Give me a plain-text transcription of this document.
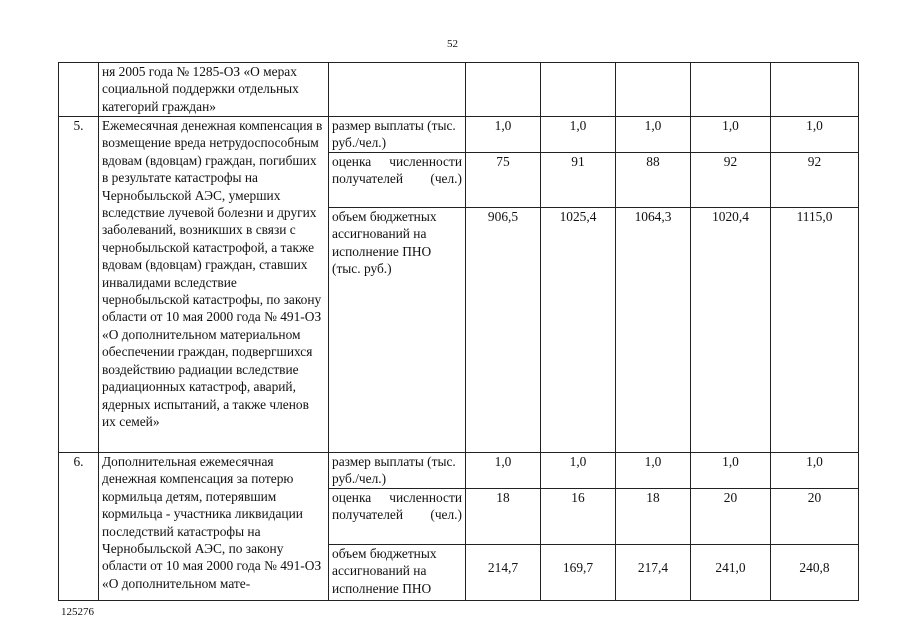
52
	ня 2005 года № 1285-ОЗ «О мерах социальной поддержки отдельных категорий граждан»						
5.	Ежемесячная денежная компенсация в возмещение вреда нетрудоспособным вдовам (вдовцам) граждан, погибших в результате катастрофы на Чернобыльской АЭС, умерших вследствие лучевой болезни и других заболеваний, возникших в связи с чернобыльской катастрофой, а также вдовам (вдовцам) граждан, ставших инвалидами вследствие чернобыльской катастрофы, по закону области от 10 мая 2000 года № 491-ОЗ «О дополнительном материальном обеспечении граждан, подвергшихся воздействию радиации вследствие радиационных катастроф, аварий, ядерных испытаний, а также членов их семей»	размер выплаты (тыс. руб./чел.)	1,0	1,0	1,0	1,0	1,0
		оценка численности получателей (чел.)	75	91	88	92	92
		объем бюджетных ассигнований на исполнение ПНО (тыс. руб.)	906,5	1025,4	1064,3	1020,4	1115,0
6.	Дополнительная ежемесячная денежная компенсация за потерю кормильца детям, потерявшим кормильца - участника ликвидации последствий катастрофы на Чернобыльской АЭС, по закону области от 10 мая 2000 года № 491-ОЗ «О дополнительном мате-	размер выплаты (тыс. руб./чел.)	1,0	1,0	1,0	1,0	1,0
		оценка численности получателей (чел.)	18	16	18	20	20
		объем бюджетных ассигнований на исполнение ПНО	214,7	169,7	217,4	241,0	240,8
125276
